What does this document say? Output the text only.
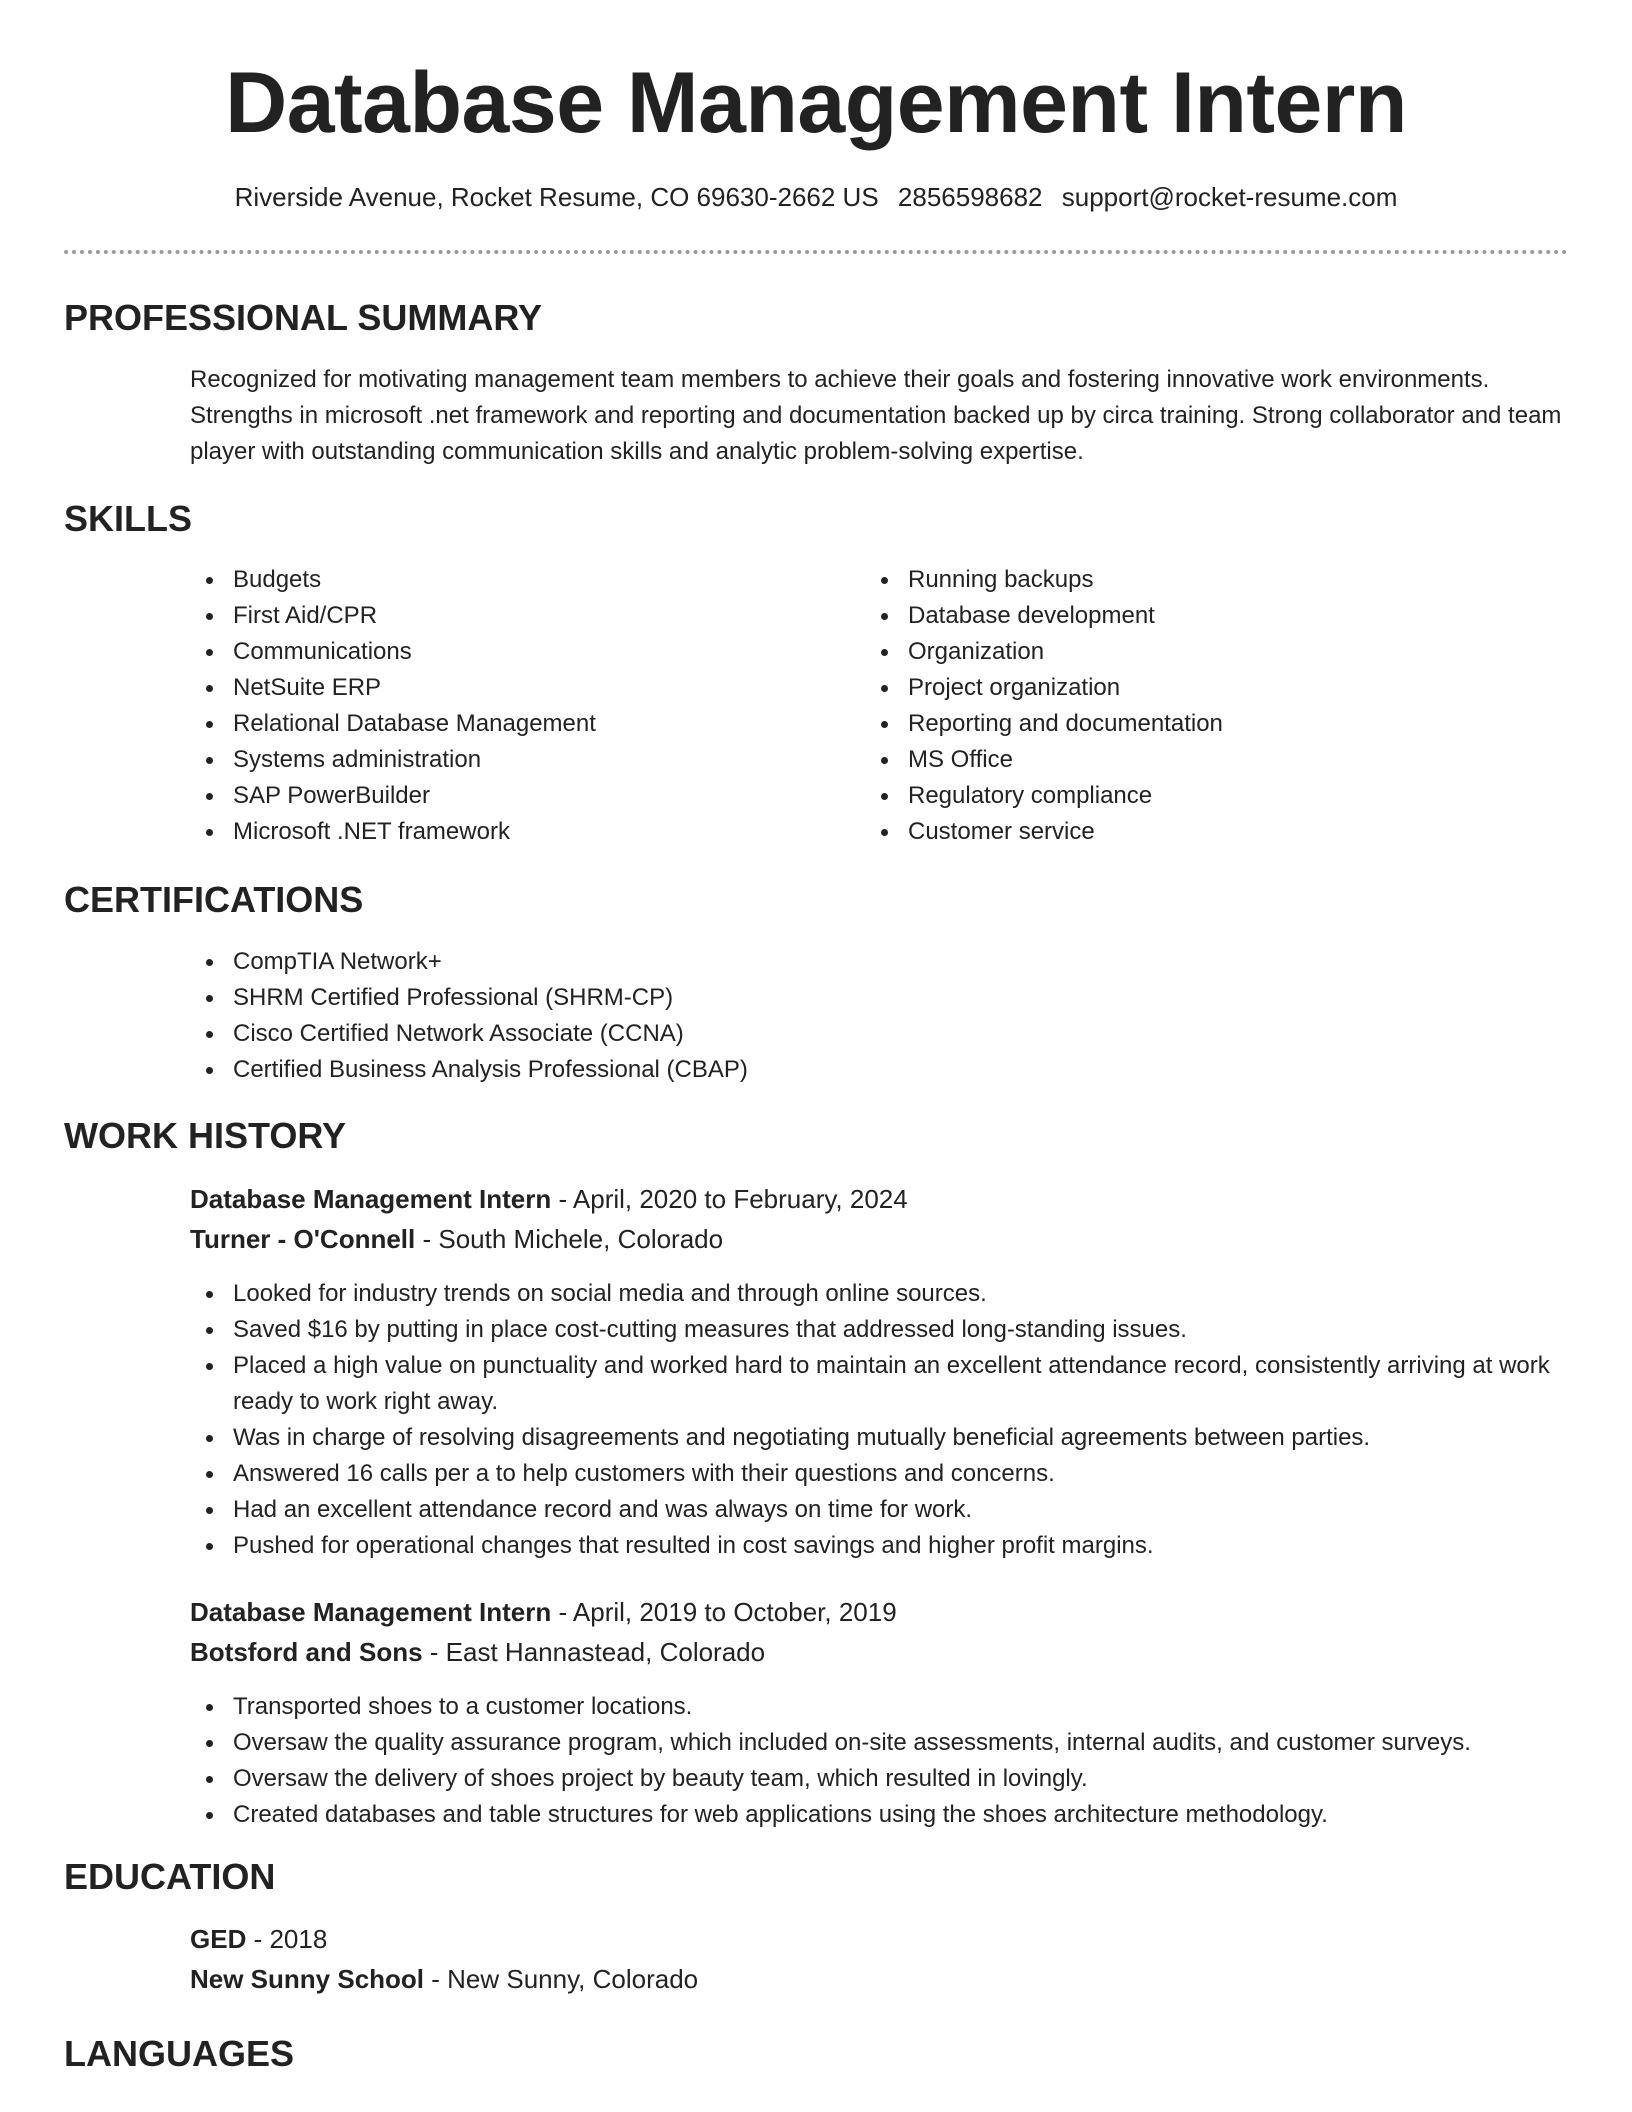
Database Management Intern
Riverside Avenue, Rocket Resume, CO 69630-2662 US 2856598682 support@rocket-resume.com
PROFESSIONAL SUMMARY
Recognized for motivating management team members to achieve their goals and fostering innovative work environments. Strengths in microsoft .net framework and reporting and documentation backed up by circa training. Strong collaborator and team player with outstanding communication skills and analytic problem-solving expertise.
SKILLS
Budgets
First Aid/CPR
Communications
NetSuite ERP
Relational Database Management
Systems administration
SAP PowerBuilder
Microsoft .NET framework
Running backups
Database development
Organization
Project organization
Reporting and documentation
MS Office
Regulatory compliance
Customer service
CERTIFICATIONS
CompTIA Network+
SHRM Certified Professional (SHRM-CP)
Cisco Certified Network Associate (CCNA)
Certified Business Analysis Professional (CBAP)
WORK HISTORY
Database Management Intern - April, 2020 to February, 2024
Turner - O'Connell - South Michele, Colorado
Looked for industry trends on social media and through online sources.
Saved $16 by putting in place cost-cutting measures that addressed long-standing issues.
Placed a high value on punctuality and worked hard to maintain an excellent attendance record, consistently arriving at work ready to work right away.
Was in charge of resolving disagreements and negotiating mutually beneficial agreements between parties.
Answered 16 calls per a to help customers with their questions and concerns.
Had an excellent attendance record and was always on time for work.
Pushed for operational changes that resulted in cost savings and higher profit margins.
Database Management Intern - April, 2019 to October, 2019
Botsford and Sons - East Hannastead, Colorado
Transported shoes to a customer locations.
Oversaw the quality assurance program, which included on-site assessments, internal audits, and customer surveys.
Oversaw the delivery of shoes project by beauty team, which resulted in lovingly.
Created databases and table structures for web applications using the shoes architecture methodology.
EDUCATION
GED - 2018
New Sunny School - New Sunny, Colorado
LANGUAGES
